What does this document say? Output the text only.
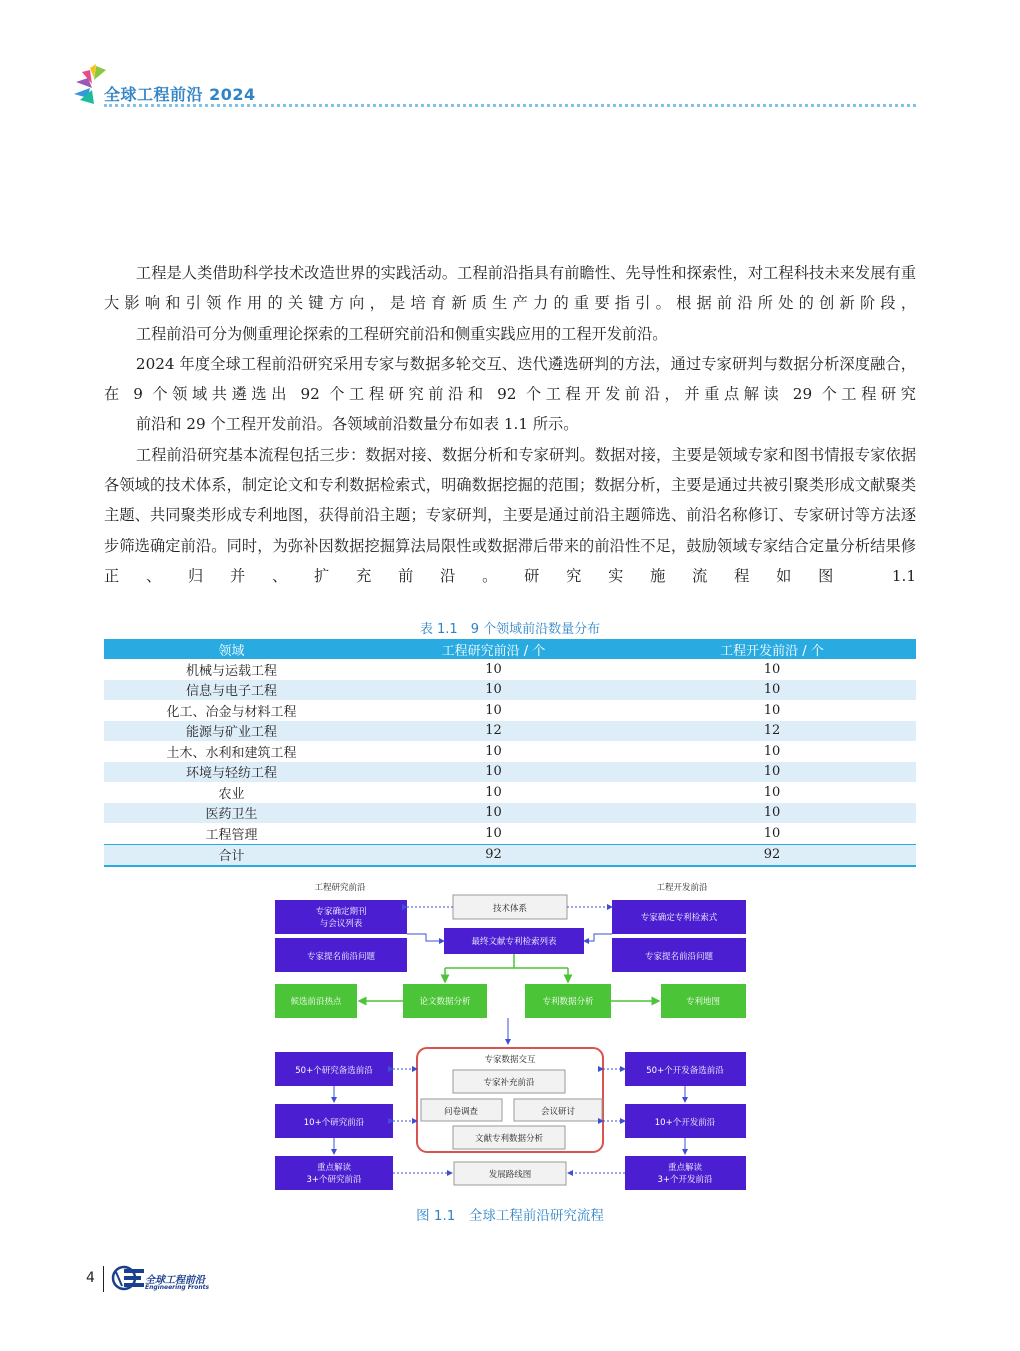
全球工程前沿 2024

工程是人类借助科学技术改造世界的实践活动。工程前沿指具有前瞻性、先导性和探索性，对工程科技未来发展有重大影响和引领作用的关键方向，是培育新质生产力的重要指引。根据前沿所处的创新阶段，
工程前沿可分为侧重理论探索的工程研究前沿和侧重实践应用的工程开发前沿。

2024 年度全球工程前沿研究采用专家与数据多轮交互、迭代遴选研判的方法，通过专家研判与数据分析深度融合，在 9 个领域共遴选出 92 个工程研究前沿和 92 个工程开发前沿，并重点解读 29 个工程研究
前沿和 29 个工程开发前沿。各领域前沿数量分布如表 1.1 所示。

工程前沿研究基本流程包括三步：数据对接、数据分析和专家研判。数据对接，主要是领域专家和图书情报专家依据各领域的技术体系，制定论文和专利数据检索式，明确数据挖掘的范围；数据分析，主要是通过共被引聚类形成文献聚类主题、共同聚类形成专利地图，获得前沿主题；专家研判，主要是通过前沿主题筛选、前沿名称修订、专家研讨等方法逐步筛选确定前沿。同时，为弥补因数据挖掘算法局限性或数据滞后带来的前沿性不足，鼓励领域专家结合定量分析结果修正、归并、扩充前沿。研究实施流程如图 1.1

表 1.1　9 个领域前沿数量分布
领域	工程研究前沿 / 个	工程开发前沿 / 个
机械与运载工程	10	10
信息与电子工程	10	10
化工、冶金与材料工程	10	10
能源与矿业工程	12	12
土木、水利和建筑工程	10	10
环境与轻纺工程	10	10
农业	10	10
医药卫生	10	10
工程管理	10	10
合计	92	92
工程研究前沿	工程开发前沿
技术体系
最终文献专利检索列表
专家确定期刊
与会议列表
专家提名前沿问题
专家确定专利检索式
专家提名前沿问题
候选前沿热点	论文数据分析	专利数据分析	专利地图
专家数据交互
专家补充前沿
问卷调查	会议研讨
文献专利数据分析
50+个研究备选前沿
10+个研究前沿
重点解读
3+个研究前沿
50+个开发备选前沿
10+个开发前沿
重点解读
3+个开发前沿
发展路线图
图 1.1　全球工程前沿研究流程
4	全球工程前沿
Engineering Fronts
